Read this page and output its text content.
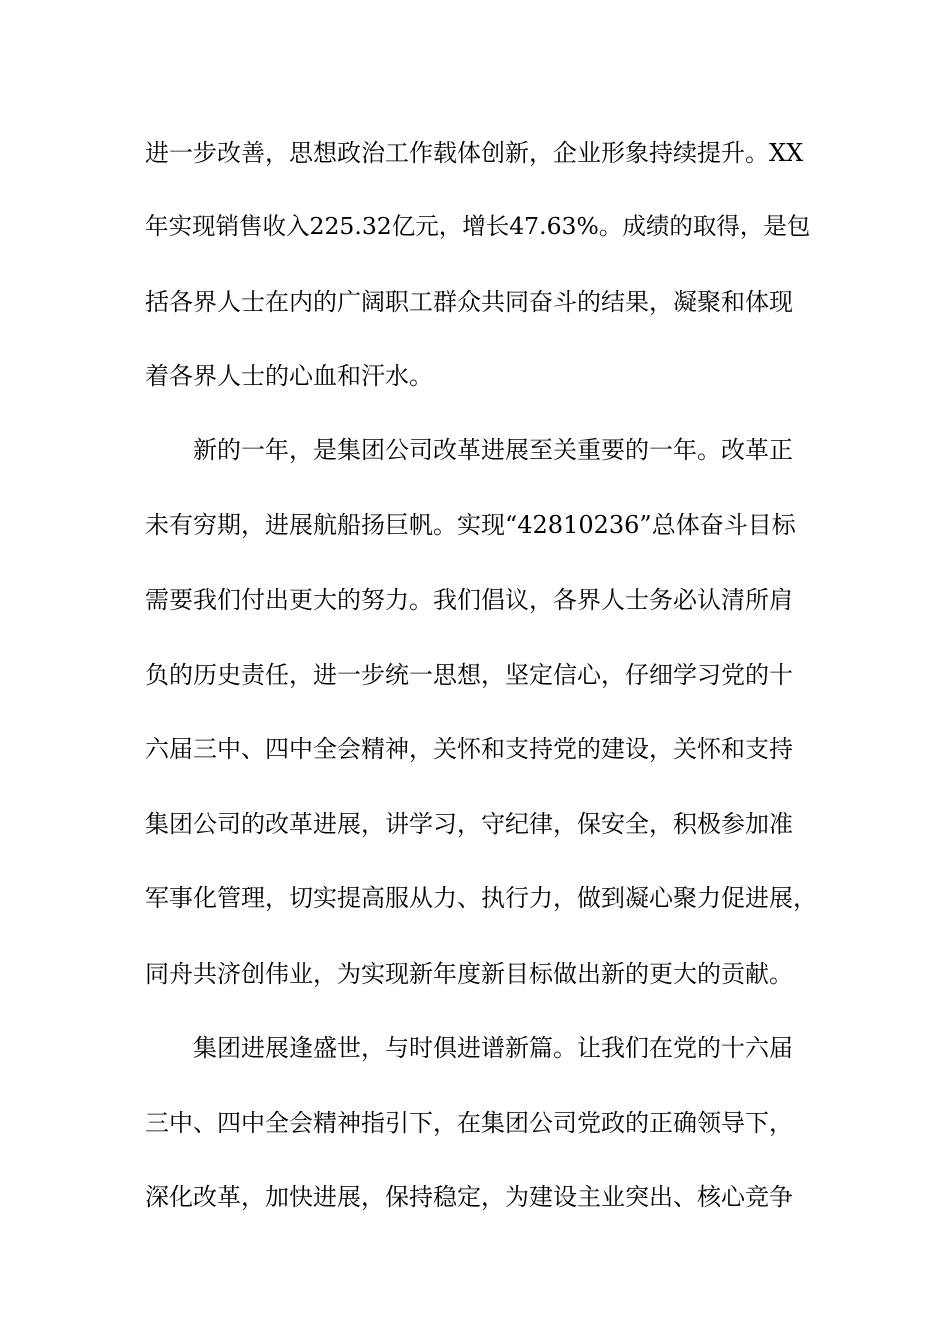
进一步改善，思想政治工作载体创新，企业形象持续提升。XX
年实现销售收入225.32亿元，增长47.63%。成绩的取得，是包
括各界人士在内的广阔职工群众共同奋斗的结果，凝聚和体现
着各界人士的心血和汗水。
新的一年，是集团公司改革进展至关重要的一年。改革正
未有穷期，进展航船扬巨帆。实现“42810236”总体奋斗目标
需要我们付出更大的努力。我们倡议，各界人士务必认清所肩
负的历史责任，进一步统一思想，坚定信心，仔细学习党的十
六届三中、四中全会精神，关怀和支持党的建设，关怀和支持
集团公司的改革进展，讲学习，守纪律，保安全，积极参加准
军事化管理，切实提高服从力、执行力，做到凝心聚力促进展，
同舟共济创伟业，为实现新年度新目标做出新的更大的贡献。
集团进展逢盛世，与时俱进谱新篇。让我们在党的十六届
三中、四中全会精神指引下，在集团公司党政的正确领导下，
深化改革，加快进展，保持稳定，为建设主业突出、核心竞争
